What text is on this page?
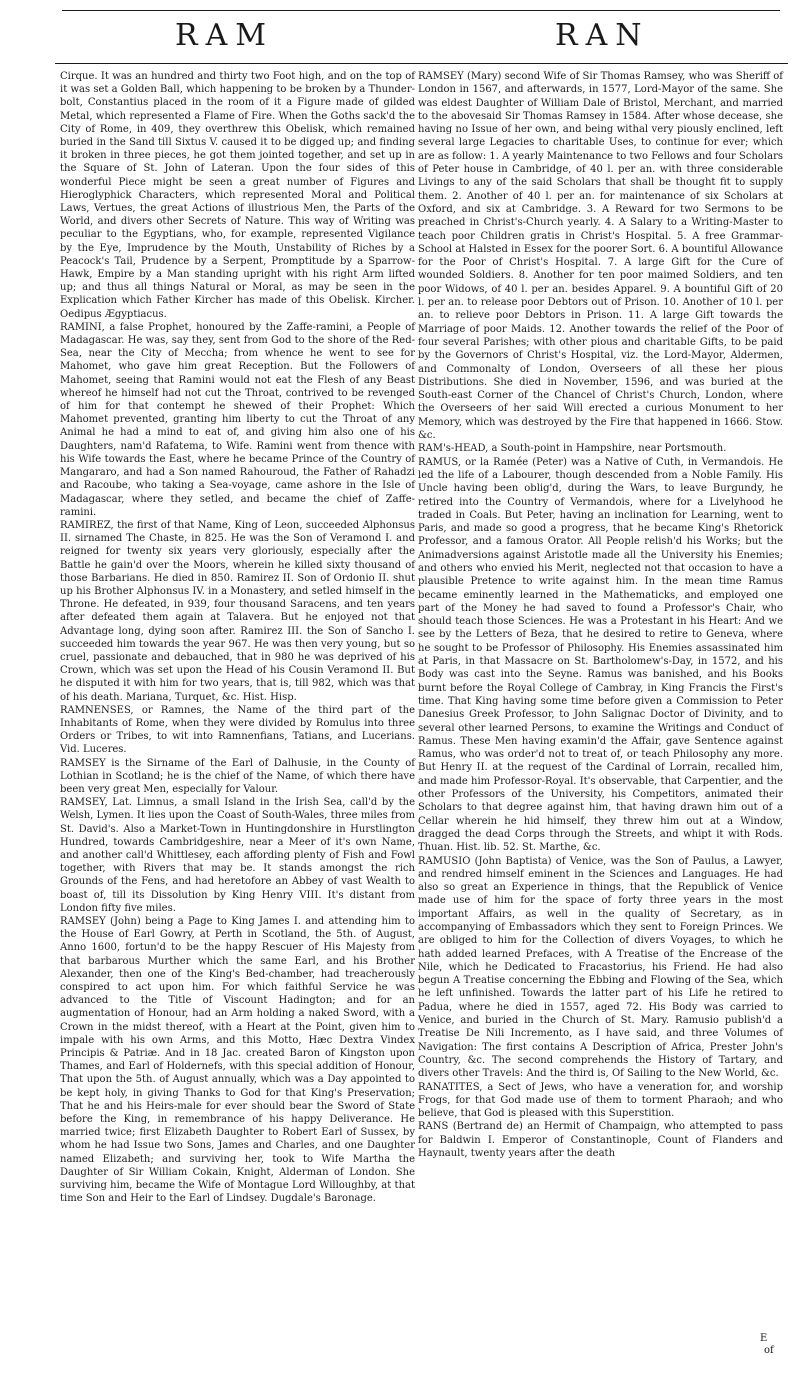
RAM	RAN

Cirque. It was an hundred and thirty two Foot high, and on the top of it was set a Golden Ball, which happening to be broken by a Thunder-bolt, Constantius placed in the room of it a Figure made of gilded Metal, which represented a Flame of Fire. When the Goths sack'd the City of Rome, in 409, they overthrew this Obelisk, which remained buried in the Sand till Sixtus V. caused it to be digged up; and finding it broken in three pieces, he got them jointed together, and set up in the Square of St. John of Lateran. Upon the four sides of this wonderful Piece might be seen a great number of Figures and Hieroglyphick Characters, which represented Moral and Political Laws, Vertues, the great Actions of illustrious Men, the Parts of the World, and divers other Secrets of Nature. This way of Writing was peculiar to the Egyptians, who, for example, represented Vigilance by the Eye, Imprudence by the Mouth, Unstability of Riches by a Peacock's Tail, Prudence by a Serpent, Promptitude by a Sparrow-Hawk, Empire by a Man standing upright with his right Arm lifted up; and thus all things Natural or Moral, as may be seen in the Explication which Father Kircher has made of this Obelisk. Kircher. Oedipus Ægyptiacus.

RAMINI, a false Prophet, honoured by the Zaffe-ramini, a People of Madagascar. He was, say they, sent from God to the shore of the Red-Sea, near the City of Meccha; from whence he went to see for Mahomet, who gave him great Reception. But the Followers of Mahomet, seeing that Ramini would not eat the Flesh of any Beast whereof he himself had not cut the Throat, contrived to be revenged of him for that contempt he shewed of their Prophet: Which Mahomet prevented, granting him liberty to cut the Throat of any Animal he had a mind to eat of, and giving him also one of his Daughters, nam'd Rafatema, to Wife. Ramini went from thence with his Wife towards the East, where he became Prince of the Country of Mangararo, and had a Son named Rahouroud, the Father of Rahadzi and Racoube, who taking a Sea-voyage, came ashore in the Isle of Madagascar, where they setled, and became the chief of Zaffe-ramini.

RAMIREZ, the first of that Name, King of Leon, succeeded Alphonsus II. sirnamed The Chaste, in 825. He was the Son of Veramond I. and reigned for twenty six years very gloriously, especially after the Battle he gain'd over the Moors, wherein he killed sixty thousand of those Barbarians. He died in 850. Ramirez II. Son of Ordonio II. shut up his Brother Alphonsus IV. in a Monastery, and setled himself in the Throne. He defeated, in 939, four thousand Saracens, and ten years after defeated them again at Talavera. But he enjoyed not that Advantage long, dying soon after. Ramirez III. the Son of Sancho I. succeeded him towards the year 967. He was then very young, but so cruel, passionate and debauched, that in 980 he was deprived of his Crown, which was set upon the Head of his Cousin Veramond II. But he disputed it with him for two years, that is, till 982, which was that of his death. Mariana, Turquet, &c. Hist. Hisp.

RAMNENSES, or Ramnes, the Name of the third part of the Inhabitants of Rome, when they were divided by Romulus into three Orders or Tribes, to wit into Ramnenfians, Tatians, and Lucerians. Vid. Luceres.

RAMSEY is the Sirname of the Earl of Dalhusie, in the County of Lothian in Scotland; he is the chief of the Name, of which there have been very great Men, especially for Valour.

RAMSEY, Lat. Limnus, a small Island in the Irish Sea, call'd by the Welsh, Lymen. It lies upon the Coast of South-Wales, three miles from St. David's. Also a Market-Town in Huntingdonshire in Hurstlington Hundred, towards Cambridgeshire, near a Meer of it's own Name, and another call'd Whittlesey, each affording plenty of Fish and Fowl together, with Rivers that may be. It stands amongst the rich Grounds of the Fens, and had heretofore an Abbey of vast Wealth to boast of, till its Dissolution by King Henry VIII. It's distant from London fifty five miles.

RAMSEY (John) being a Page to King James I. and attending him to the House of Earl Gowry, at Perth in Scotland, the 5th. of August, Anno 1600, fortun'd to be the happy Rescuer of His Majesty from that barbarous Murther which the same Earl, and his Brother Alexander, then one of the King's Bed-chamber, had treacherously conspired to act upon him. For which faithful Service he was advanced to the Title of Viscount Hadington; and for an augmentation of Honour, had an Arm holding a naked Sword, with a Crown in the midst thereof, with a Heart at the Point, given him to impale with his own Arms, and this Motto, Hæc Dextra Vindex Principis & Patriæ. And in 18 Jac. created Baron of Kingston upon Thames, and Earl of Holdernefs, with this special addition of Honour, That upon the 5th. of August annually, which was a Day appointed to be kept holy, in giving Thanks to God for that King's Preservation; That he and his Heirs-male for ever should bear the Sword of State before the King, in remembrance of his happy Deliverance. He married twice; first Elizabeth Daughter to Robert Earl of Sussex, by whom he had Issue two Sons, James and Charles, and one Daughter named Elizabeth; and surviving her, took to Wife Martha the Daughter of Sir William Cokain, Knight, Alderman of London. She surviving him, became the Wife of Montague Lord Willoughby, at that time Son and Heir to the Earl of Lindsey. Dugdale's Baronage.

RAMSEY (Mary) second Wife of Sir Thomas Ramsey, who was Sheriff of London in 1567, and afterwards, in 1577, Lord-Mayor of the same. She was eldest Daughter of William Dale of Bristol, Merchant, and married to the abovesaid Sir Thomas Ramsey in 1584. After whose decease, she having no Issue of her own, and being withal very piously enclined, left several large Legacies to charitable Uses, to continue for ever; which are as follow: 1. A yearly Maintenance to two Fellows and four Scholars of Peter house in Cambridge, of 40 l. per an. with three considerable Livings to any of the said Scholars that shall be thought fit to supply them. 2. Another of 40 l. per an. for maintenance of six Scholars at Oxford, and six at Cambridge. 3. A Reward for two Sermons to be preached in Christ's-Church yearly. 4. A Salary to a Writing-Master to teach poor Children gratis in Christ's Hospital. 5. A free Grammar-School at Halsted in Essex for the poorer Sort. 6. A bountiful Allowance for the Poor of Christ's Hospital. 7. A large Gift for the Cure of wounded Soldiers. 8. Another for ten poor maimed Soldiers, and ten poor Widows, of 40 l. per an. besides Apparel. 9. A bountiful Gift of 20 l. per an. to release poor Debtors out of Prison. 10. Another of 10 l. per an. to relieve poor Debtors in Prison. 11. A large Gift towards the Marriage of poor Maids. 12. Another towards the relief of the Poor of four several Parishes; with other pious and charitable Gifts, to be paid by the Governors of Christ's Hospital, viz. the Lord-Mayor, Aldermen, and Commonalty of London, Overseers of all these her pious Distributions. She died in November, 1596, and was buried at the South-east Corner of the Chancel of Christ's Church, London, where the Overseers of her said Will erected a curious Monument to her Memory, which was destroyed by the Fire that happened in 1666. Stow. &c.

RAM's-HEAD, a South-point in Hampshire, near Portsmouth.

RAMUS, or la Ramée (Peter) was a Native of Cuth, in Vermandois. He led the life of a Labourer, though descended from a Noble Family. His Uncle having been oblig'd, during the Wars, to leave Burgundy, he retired into the Country of Vermandois, where for a Livelyhood he traded in Coals. But Peter, having an inclination for Learning, went to Paris, and made so good a progress, that he became King's Rhetorick Professor, and a famous Orator. All People relish'd his Works; but the Animadversions against Aristotle made all the University his Enemies; and others who envied his Merit, neglected not that occasion to have a plausible Pretence to write against him. In the mean time Ramus became eminently learned in the Mathematicks, and employed one part of the Money he had saved to found a Professor's Chair, who should teach those Sciences. He was a Protestant in his Heart: And we see by the Letters of Beza, that he desired to retire to Geneva, where he sought to be Professor of Philosophy. His Enemies assassinated him at Paris, in that Massacre on St. Bartholomew's-Day, in 1572, and his Body was cast into the Seyne. Ramus was banished, and his Books burnt before the Royal College of Cambray, in King Francis the First's time. That King having some time before given a Commission to Peter Danesius Greek Professor, to John Salignac Doctor of Divinity, and to several other learned Persons, to examine the Writings and Conduct of Ramus. These Men having examin'd the Affair, gave Sentence against Ramus, who was order'd not to treat of, or teach Philosophy any more. But Henry II. at the request of the Cardinal of Lorrain, recalled him, and made him Professor-Royal. It's observable, that Carpentier, and the other Professors of the University, his Competitors, animated their Scholars to that degree against him, that having drawn him out of a Cellar wherein he hid himself, they threw him out at a Window, dragged the dead Corps through the Streets, and whipt it with Rods. Thuan. Hist. lib. 52. St. Marthe, &c.

RAMUSIO (John Baptista) of Venice, was the Son of Paulus, a Lawyer, and rendred himself eminent in the Sciences and Languages. He had also so great an Experience in things, that the Republick of Venice made use of him for the space of forty three years in the most important Affairs, as well in the quality of Secretary, as in accompanying of Embassadors which they sent to Foreign Princes. We are obliged to him for the Collection of divers Voyages, to which he hath added learned Prefaces, with A Treatise of the Encrease of the Nile, which he Dedicated to Fracastorius, his Friend. He had also begun A Treatise concerning the Ebbing and Flowing of the Sea, which he left unfinished. Towards the latter part of his Life he retired to Padua, where he died in 1557, aged 72. His Body was carried to Venice, and buried in the Church of St. Mary. Ramusio publish'd a Treatise De Nili Incremento, as I have said, and three Volumes of Navigation: The first contains A Description of Africa, Prester John's Country, &c. The second comprehends the History of Tartary, and divers other Travels: And the third is, Of Sailing to the New World, &c.

RANATITES, a Sect of Jews, who have a veneration for, and worship Frogs, for that God made use of them to torment Pharaoh; and who believe, that God is pleased with this Superstition.

RANS (Bertrand de) an Hermit of Champaign, who attempted to pass for Baldwin I. Emperor of Constantinople, Count of Flanders and Haynault, twenty years after the death

E
of
